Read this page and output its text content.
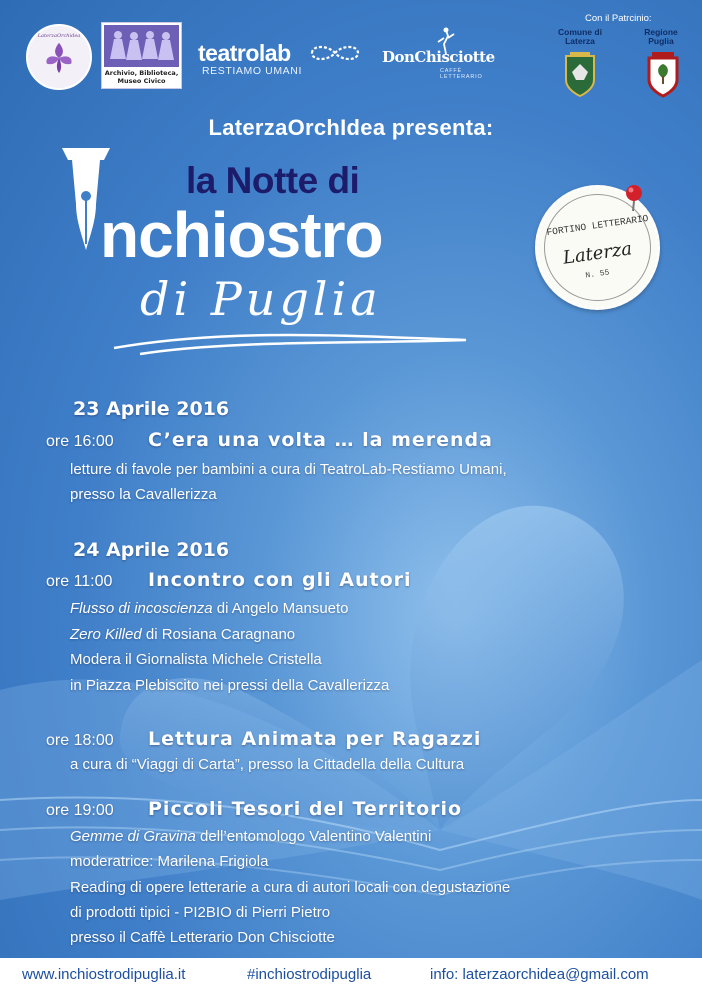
LaterzaOrchidea
Archivio, Biblioteca, Museo Civico
teatrolab
RESTIAMO UMANI
DonChisciotte
CAFFÈ LETTERARIO
Con il Patrcinio:
Comune di Laterza
Regione Puglia
LaterzaOrchIdea presenta:
la Notte di
nchiostro
di Puglia
FORTINO LETTERARIO
Laterza
N. 55
23 Aprile 2016
ore 16:00 C’era una volta … la merenda
letture di favole per bambini a cura di TeatroLab-Restiamo Umani,
presso la Cavallerizza
24 Aprile 2016
ore 11:00 Incontro con gli Autori
Flusso di incoscienza di Angelo Mansueto
Zero Killed di Rosiana Caragnano
Modera il Giornalista Michele Cristella
in Piazza Plebiscito nei pressi della Cavallerizza
ore 18:00 Lettura Animata per Ragazzi
a cura di “Viaggi di Carta”, presso la Cittadella della Cultura
ore 19:00 Piccoli Tesori del Territorio
Gemme di Gravina dell’entomologo Valentino Valentini
moderatrice: Marilena Frigiola
Reading di opere letterarie a cura di autori locali con degustazione
di prodotti tipici - PI2BIO di Pierri Pietro
presso il Caffè Letterario Don Chisciotte
www.inchiostrodipuglia.it	#inchiostrodipuglia	info: laterzaorchidea@gmail.com
